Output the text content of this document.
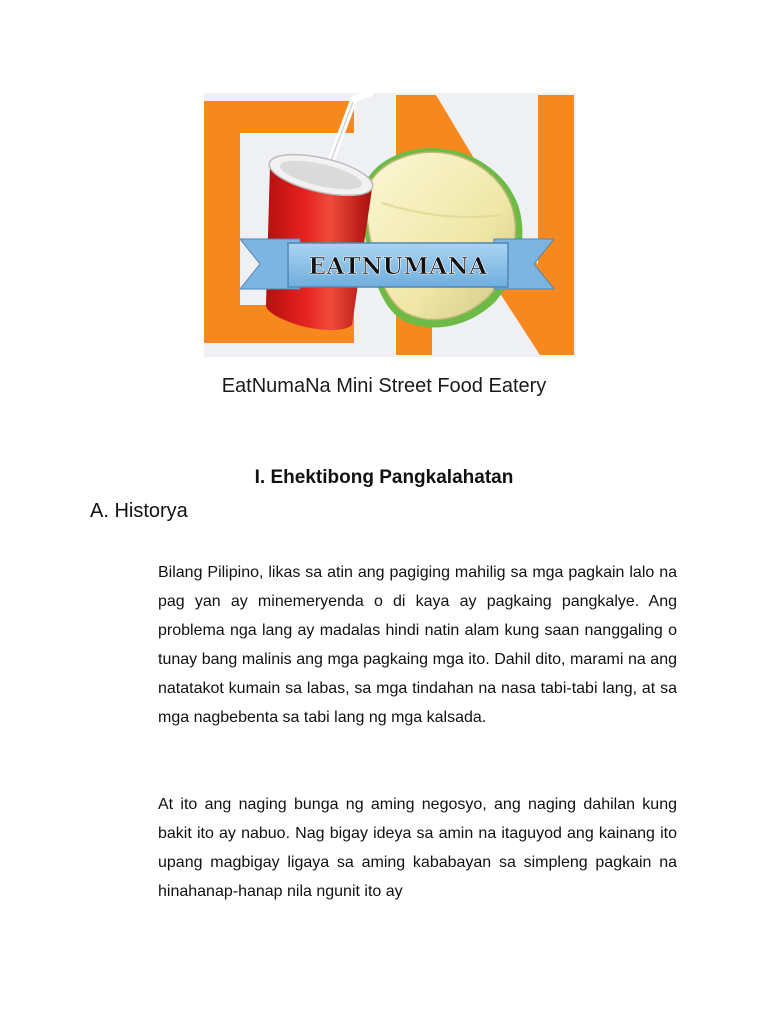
EATNUMANA
EatNumaNa Mini Street Food Eatery
I. Ehektibong Pangkalahatan
A. Historya

Bilang Pilipino, likas sa atin ang pagiging mahilig sa mga pagkain lalo na pag yan ay minemeryenda o di kaya ay pagkaing pangkalye. Ang problema nga lang ay madalas hindi natin alam kung saan nanggaling o tunay bang malinis ang mga pagkaing mga ito. Dahil dito, marami na ang natatakot kumain sa labas, sa mga tindahan na nasa tabi-tabi lang, at sa mga nagbebenta sa tabi lang ng mga kalsada.

At ito ang naging bunga ng aming negosyo, ang naging dahilan kung bakit ito ay nabuo. Nag bigay ideya sa amin na itaguyod ang kainang ito upang magbigay ligaya sa aming kababayan sa simpleng pagkain na hinahanap-hanap nila ngunit ito ay
